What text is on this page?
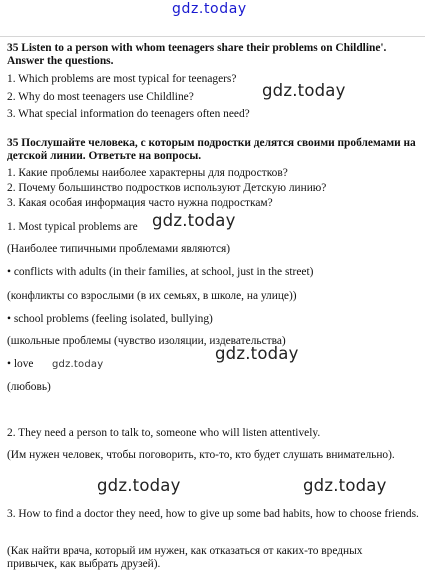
gdz.today
35 Listen to a person with whom teenagers share their problems on Childline'. Answer the questions.
1. Which problems are most typical for teenagers?
2. Why do most teenagers use Childline?
3. What special information do teenagers often need?
gdz.today
35 Послушайте человека, с которым подростки делятся своими проблемами на детской линии. Ответьте на вопросы.
1. Какие проблемы наиболее характерны для подростков?
2. Почему большинство подростков используют Детскую линию?
3. Какая особая информация часто нужна подросткам?
1. Most typical problems are gdz.today
(Наиболее типичными проблемами являются)
• conflicts with adults (in their families, at school, just in the street)
(конфликты со взрослыми (в их семьях, в школе, на улице))
• school problems (feeling isolated, bullying)
(школьные проблемы (чувство изоляции, издевательства)
gdz.today
• love gdz.today
(любовь)
2. They need a person to talk to, someone who will listen attentively.
(Им нужен человек, чтобы поговорить, кто-то, кто будет слушать внимательно).
gdz.today	gdz.today
3. How to find a doctor they need, how to give up some bad habits, how to choose friends.
(Как найти врача, который им нужен, как отказаться от каких-то вредных привычек, как выбрать друзей).
